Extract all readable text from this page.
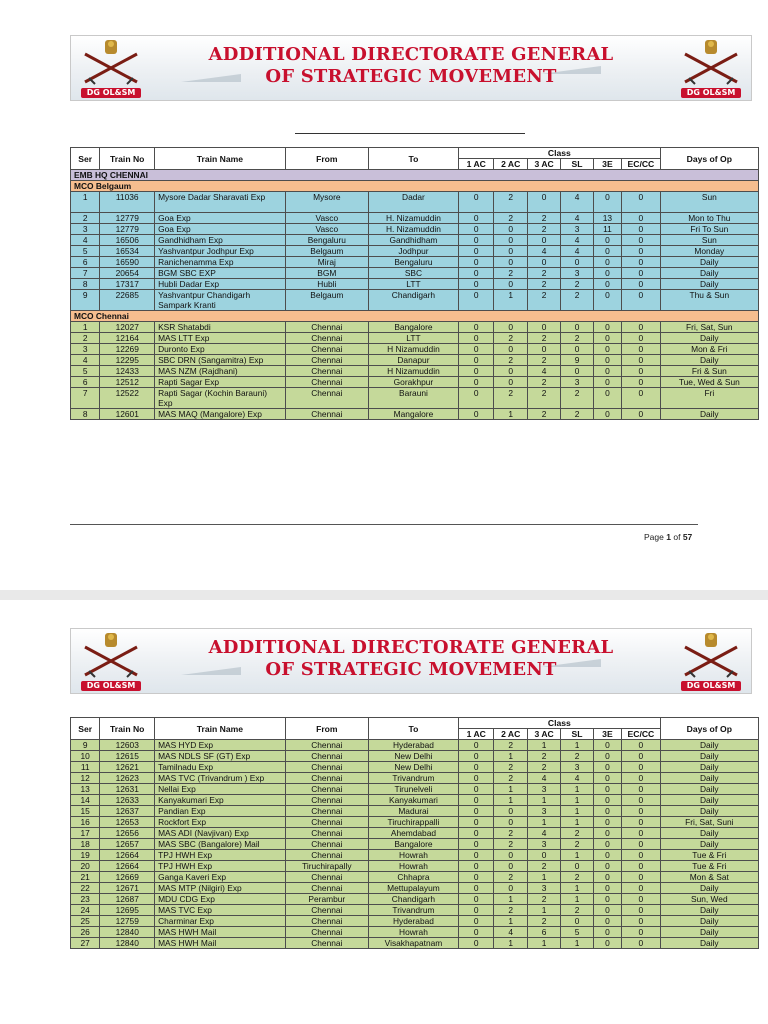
DG OL&SM
ADDITIONAL DIRECTORATE GENERAL
OF STRATEGIC MOVEMENT
DG OL&SM
Ser	Train No	Train Name	From	To	Class						Days of Op
					1 AC	2 AC	3 AC	SL	3E	EC/CC	
EMB HQ CHENNAI											
MCO Belgaum											
1	11036	Mysore Dadar Sharavati Exp	Mysore	Dadar	0	2	0	4	0	0	Sun
2	12779	Goa Exp	Vasco	H. Nizamuddin	0	2	2	4	13	0	Mon to Thu
3	12779	Goa Exp	Vasco	H. Nizamuddin	0	0	2	3	11	0	Fri To Sun
4	16506	Gandhidham Exp	Bengaluru	Gandhidham	0	0	0	4	0	0	Sun
5	16534	Yashvantpur Jodhpur Exp	Belgaum	Jodhpur	0	0	4	4	0	0	Monday
6	16590	Ranichenamma Exp	Miraj	Bengaluru	0	0	0	0	0	0	Daily
7	20654	BGM SBC EXP	BGM	SBC	0	2	2	3	0	0	Daily
8	17317	Hubli Dadar Exp	Hubli	LTT	0	0	2	2	0	0	Daily
9	22685	Yashvantpur Chandigarh Sampark Kranti	Belgaum	Chandigarh	0	1	2	2	0	0	Thu & Sun
MCO Chennai											
1	12027	KSR Shatabdi	Chennai	Bangalore	0	0	0	0	0	0	Fri, Sat, Sun
2	12164	MAS LTT Exp	Chennai	LTT	0	2	2	2	0	0	Daily
3	12269	Duronto Exp	Chennai	H Nizamuddin	0	0	0	0	0	0	Mon & Fri
4	12295	SBC DRN (Sangamitra) Exp	Chennai	Danapur	0	2	2	9	0	0	Daily
5	12433	MAS NZM (Rajdhani)	Chennai	H Nizamuddin	0	0	4	0	0	0	Fri & Sun
6	12512	Rapti Sagar Exp	Chennai	Gorakhpur	0	0	2	3	0	0	Tue, Wed & Sun
7	12522	Rapti Sagar (Kochin Barauni) Exp	Chennai	Barauni	0	2	2	2	0	0	Fri
8	12601	MAS MAQ (Mangalore) Exp	Chennai	Mangalore	0	1	2	2	0	0	Daily
Page 1 of 57
DG OL&SM
ADDITIONAL DIRECTORATE GENERAL
OF STRATEGIC MOVEMENT
DG OL&SM
Ser	Train No	Train Name	From	To	Class						Days of Op
					1 AC	2 AC	3 AC	SL	3E	EC/CC	
9	12603	MAS HYD Exp	Chennai	Hyderabad	0	2	1	1	0	0	Daily
10	12615	MAS NDLS SF (GT) Exp	Chennai	New Delhi	0	1	2	2	0	0	Daily
11	12621	Tamilnadu Exp	Chennai	New Delhi	0	2	2	3	0	0	Daily
12	12623	MAS TVC (Trivandrum ) Exp	Chennai	Trivandrum	0	2	4	4	0	0	Daily
13	12631	Nellai Exp	Chennai	Tirunelveli	0	1	3	1	0	0	Daily
14	12633	Kanyakumari Exp	Chennai	Kanyakumari	0	1	1	1	0	0	Daily
15	12637	Pandian Exp	Chennai	Madurai	0	0	3	1	0	0	Daily
16	12653	Rockfort Exp	Chennai	Tiruchirappalli	0	0	1	1	0	0	Fri, Sat, Suni
17	12656	MAS ADI (Navjivan) Exp	Chennai	Ahemdabad	0	2	4	2	0	0	Daily
18	12657	MAS SBC (Bangalore) Mail	Chennai	Bangalore	0	2	3	2	0	0	Daily
19	12664	TPJ HWH Exp	Chennai	Howrah	0	0	0	1	0	0	Tue & Fri
20	12664	TPJ HWH Exp	Tiruchirapally	Howrah	0	0	2	0	0	0	Tue & Fri
21	12669	Ganga Kaveri Exp	Chennai	Chhapra	0	2	1	2	0	0	Mon & Sat
22	12671	MAS MTP (Nilgiri) Exp	Chennai	Mettupalayum	0	0	3	1	0	0	Daily
23	12687	MDU CDG Exp	Perambur	Chandigarh	0	1	2	1	0	0	Sun, Wed
24	12695	MAS TVC Exp	Chennai	Trivandrum	0	2	1	2	0	0	Daily
25	12759	Charminar Exp	Chennai	Hyderabad	0	1	2	0	0	0	Daily
26	12840	MAS HWH Mail	Chennai	Howrah	0	4	6	5	0	0	Daily
27	12840	MAS HWH Mail	Chennai	Visakhapatnam	0	1	1	1	0	0	Daily
